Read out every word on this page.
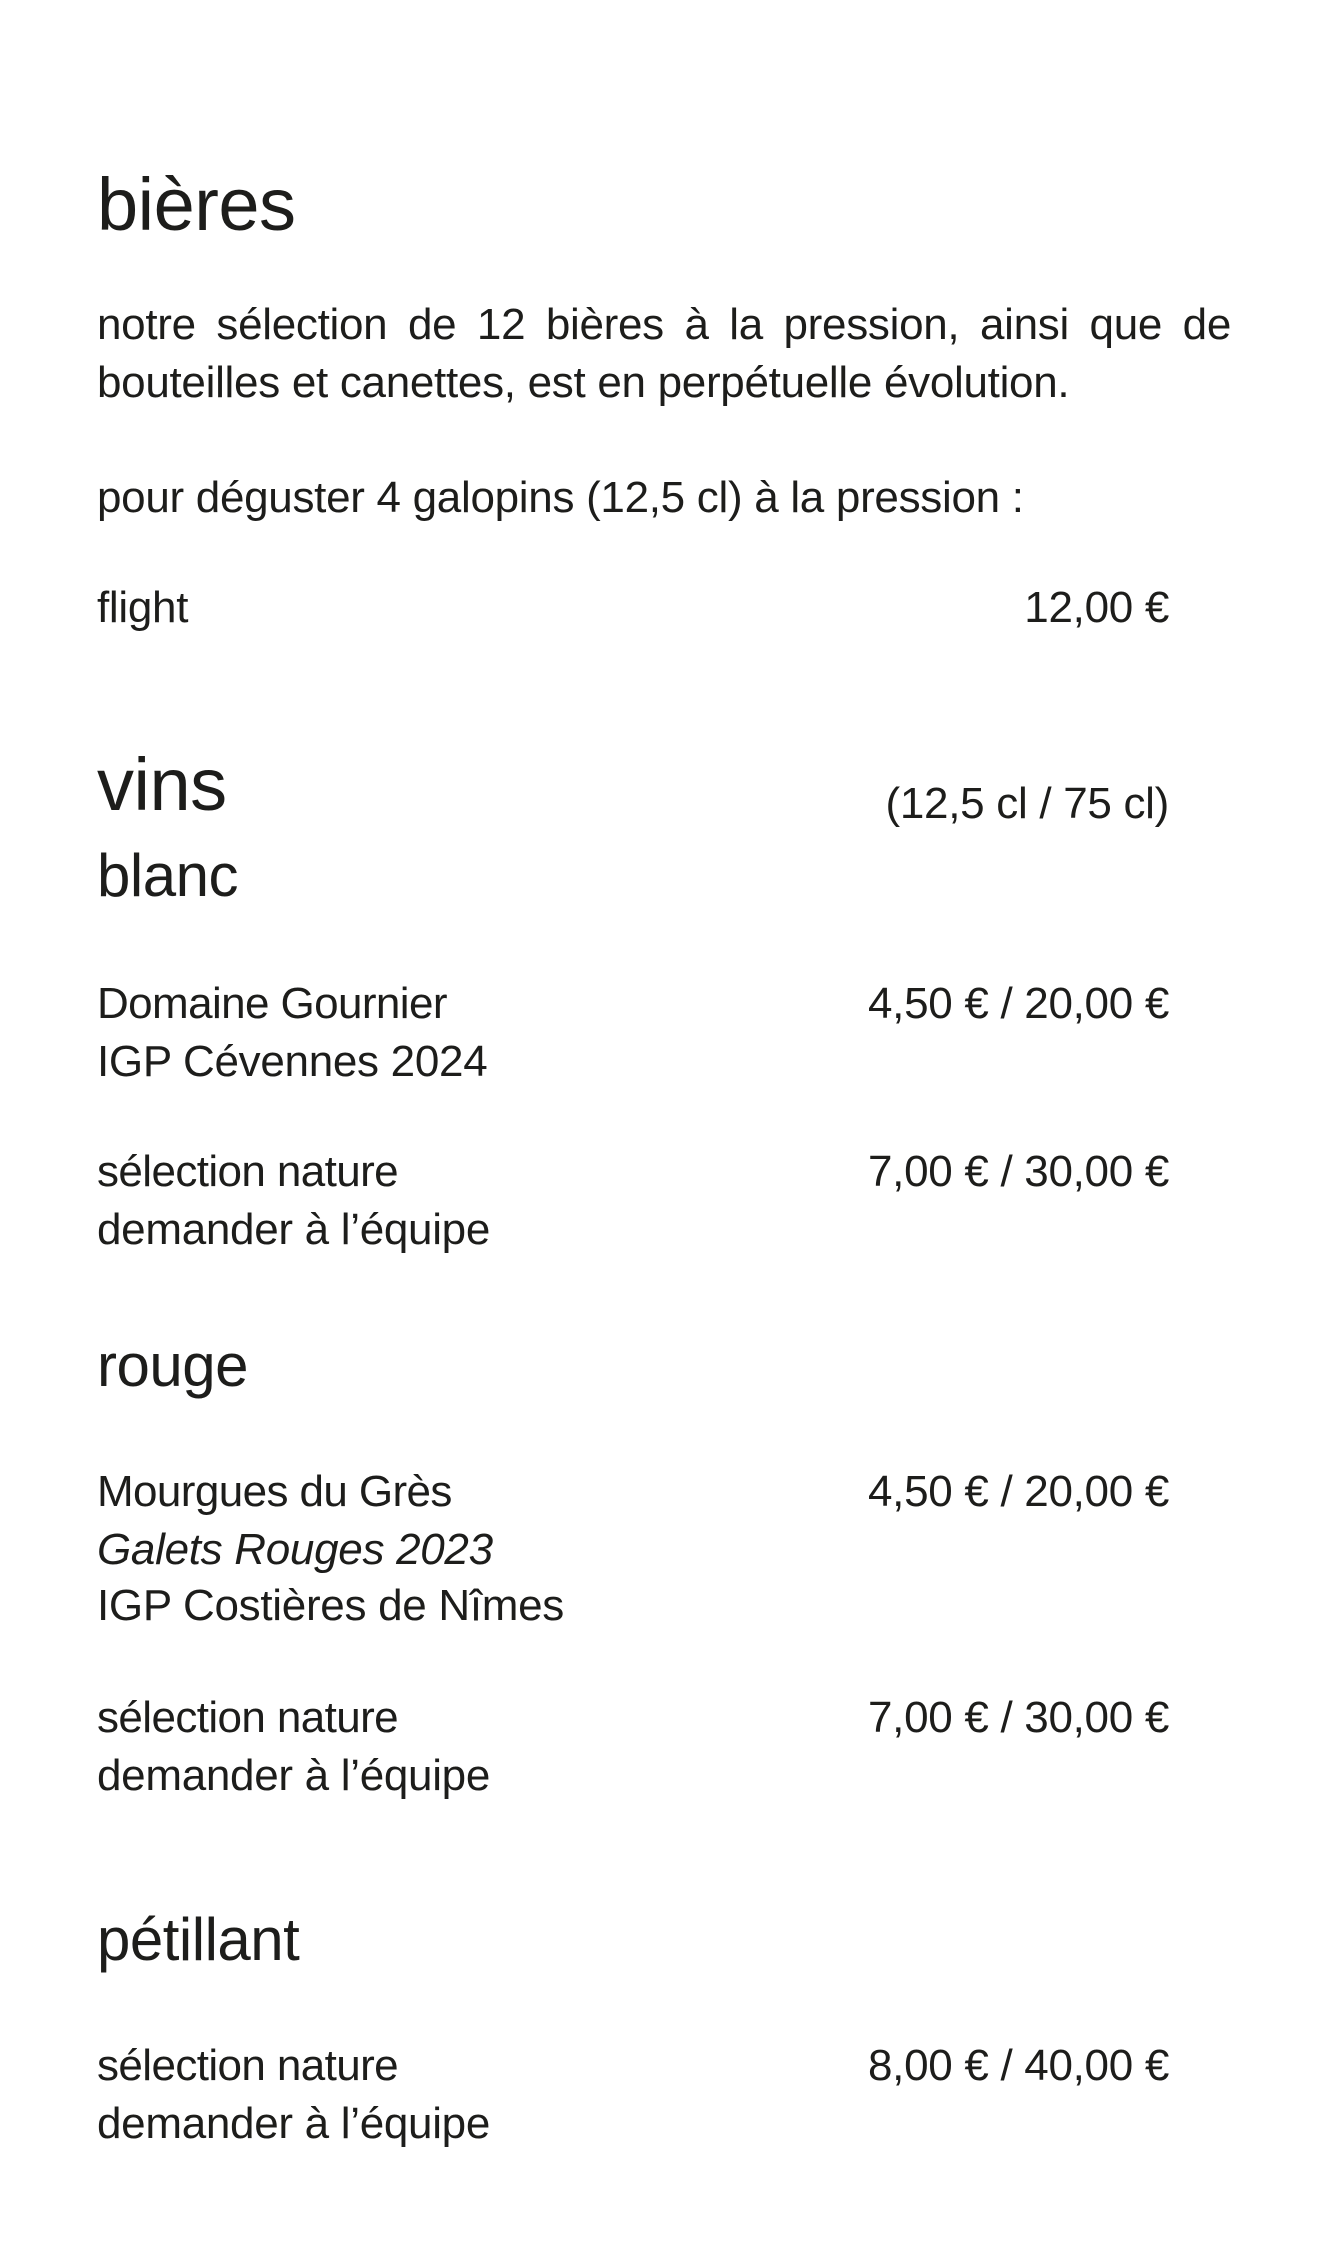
bières
notre sélection de 12 bières à la pression, ainsi que de bouteilles et canettes, est en perpétuelle évolution.
pour déguster 4 galopins (12,5 cl) à la pression :
flight	12,00 €
vins	(12,5 cl / 75 cl)
blanc
Domaine Gournier
IGP Cévennes 2024
4,50 € / 20,00 €
sélection nature
demander à l’équipe
7,00 € / 30,00 €
rouge
Mourgues du Grès
Galets Rouges 2023
IGP Costières de Nîmes
4,50 € / 20,00 €
sélection nature
demander à l’équipe
7,00 € / 30,00 €
pétillant
sélection nature
demander à l’équipe
8,00 € / 40,00 €
